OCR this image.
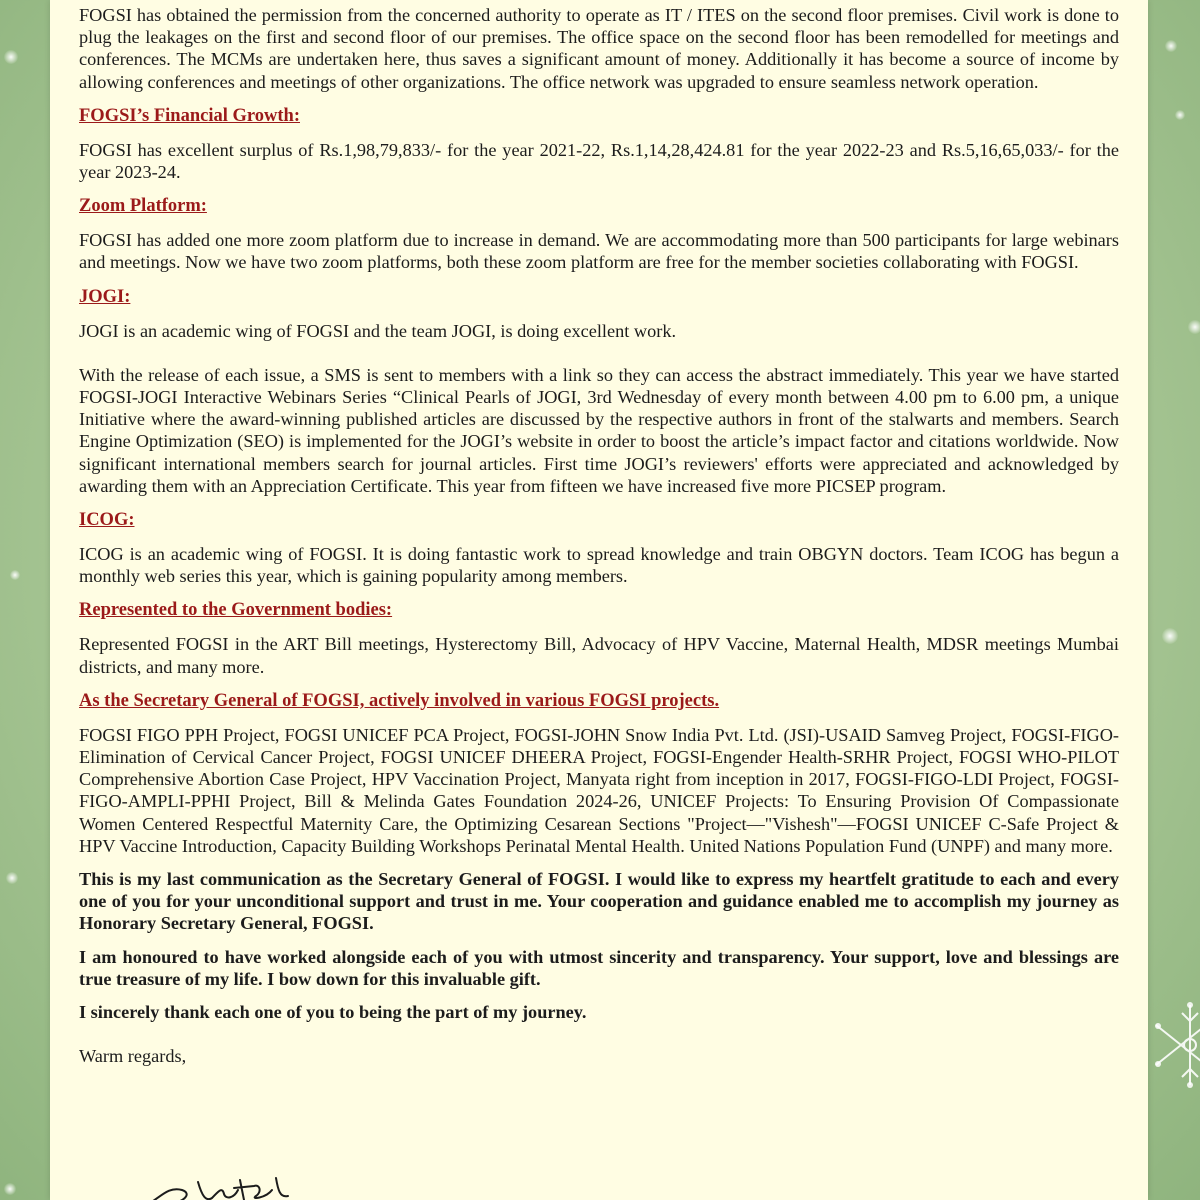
FOGSI has obtained the permission from the concerned authority to operate as IT / ITES on the second floor premises. Civil work is done to plug the leakages on the first and second floor of our premises. The office space on the second floor has been remodelled for meetings and conferences. The MCMs are undertaken here, thus saves a significant amount of money. Additionally it has become a source of income by allowing conferences and meetings of other organizations. The office network was upgraded to ensure seamless network operation.

FOGSI’s Financial Growth:

FOGSI has excellent surplus of Rs.1,98,79,833/- for the year 2021-22, Rs.1,14,28,424.81 for the year 2022-23 and Rs.5,16,65,033/- for the year 2023-24.

Zoom Platform:

FOGSI has added one more zoom platform due to increase in demand. We are accommodating more than 500 participants for large webinars and meetings. Now we have two zoom platforms, both these zoom platform are free for the member societies collaborating with FOGSI.

JOGI:

JOGI is an academic wing of FOGSI and the team JOGI, is doing excellent work.

With the release of each issue, a SMS is sent to members with a link so they can access the abstract immediately. This year we have started FOGSI-JOGI Interactive Webinars Series “Clinical Pearls of JOGI, 3rd Wednesday of every month between 4.00 pm to 6.00 pm, a unique Initiative where the award-winning published articles are discussed by the respective authors in front of the stalwarts and members. Search Engine Optimization (SEO) is implemented for the JOGI’s website in order to boost the article’s impact factor and citations worldwide. Now significant international members search for journal articles. First time JOGI’s reviewers' efforts were appreciated and acknowledged by awarding them with an Appreciation Certificate. This year from fifteen we have increased five more PICSEP program.

ICOG:

ICOG is an academic wing of FOGSI. It is doing fantastic work to spread knowledge and train OBGYN doctors. Team ICOG has begun a monthly web series this year, which is gaining popularity among members.

Represented to the Government bodies:

Represented FOGSI in the ART Bill meetings, Hysterectomy Bill, Advocacy of HPV Vaccine, Maternal Health, MDSR meetings Mumbai districts, and many more.

As the Secretary General of FOGSI, actively involved in various FOGSI projects.

FOGSI FIGO PPH Project, FOGSI UNICEF PCA Project, FOGSI-JOHN Snow India Pvt. Ltd. (JSI)-USAID Samveg Project, FOGSI-FIGO-Elimination of Cervical Cancer Project, FOGSI UNICEF DHEERA Project, FOGSI-Engender Health-SRHR Project, FOGSI WHO-PILOT Comprehensive Abortion Case Project, HPV Vaccination Project, Manyata right from inception in 2017, FOGSI-FIGO-LDI Project, FOGSI-FIGO-AMPLI-PPHI Project, Bill & Melinda Gates Foundation 2024-26, UNICEF Projects: To Ensuring Provision Of Compassionate Women Centered Respectful Maternity Care, the Optimizing Cesarean Sections "Project—"Vishesh"—FOGSI UNICEF C-Safe Project & HPV Vaccine Introduction, Capacity Building Workshops Perinatal Mental Health. United Nations Population Fund (UNPF) and many more.

This is my last communication as the Secretary General of FOGSI. I would like to express my heartfelt gratitude to each and every one of you for your unconditional support and trust in me. Your cooperation and guidance enabled me to accomplish my journey as Honorary Secretary General, FOGSI.

I am honoured to have worked alongside each of you with utmost sincerity and transparency. Your support, love and blessings are true treasure of my life. I bow down for this invaluable gift.

I sincerely thank each one of you to being the part of my journey.

Warm regards,
